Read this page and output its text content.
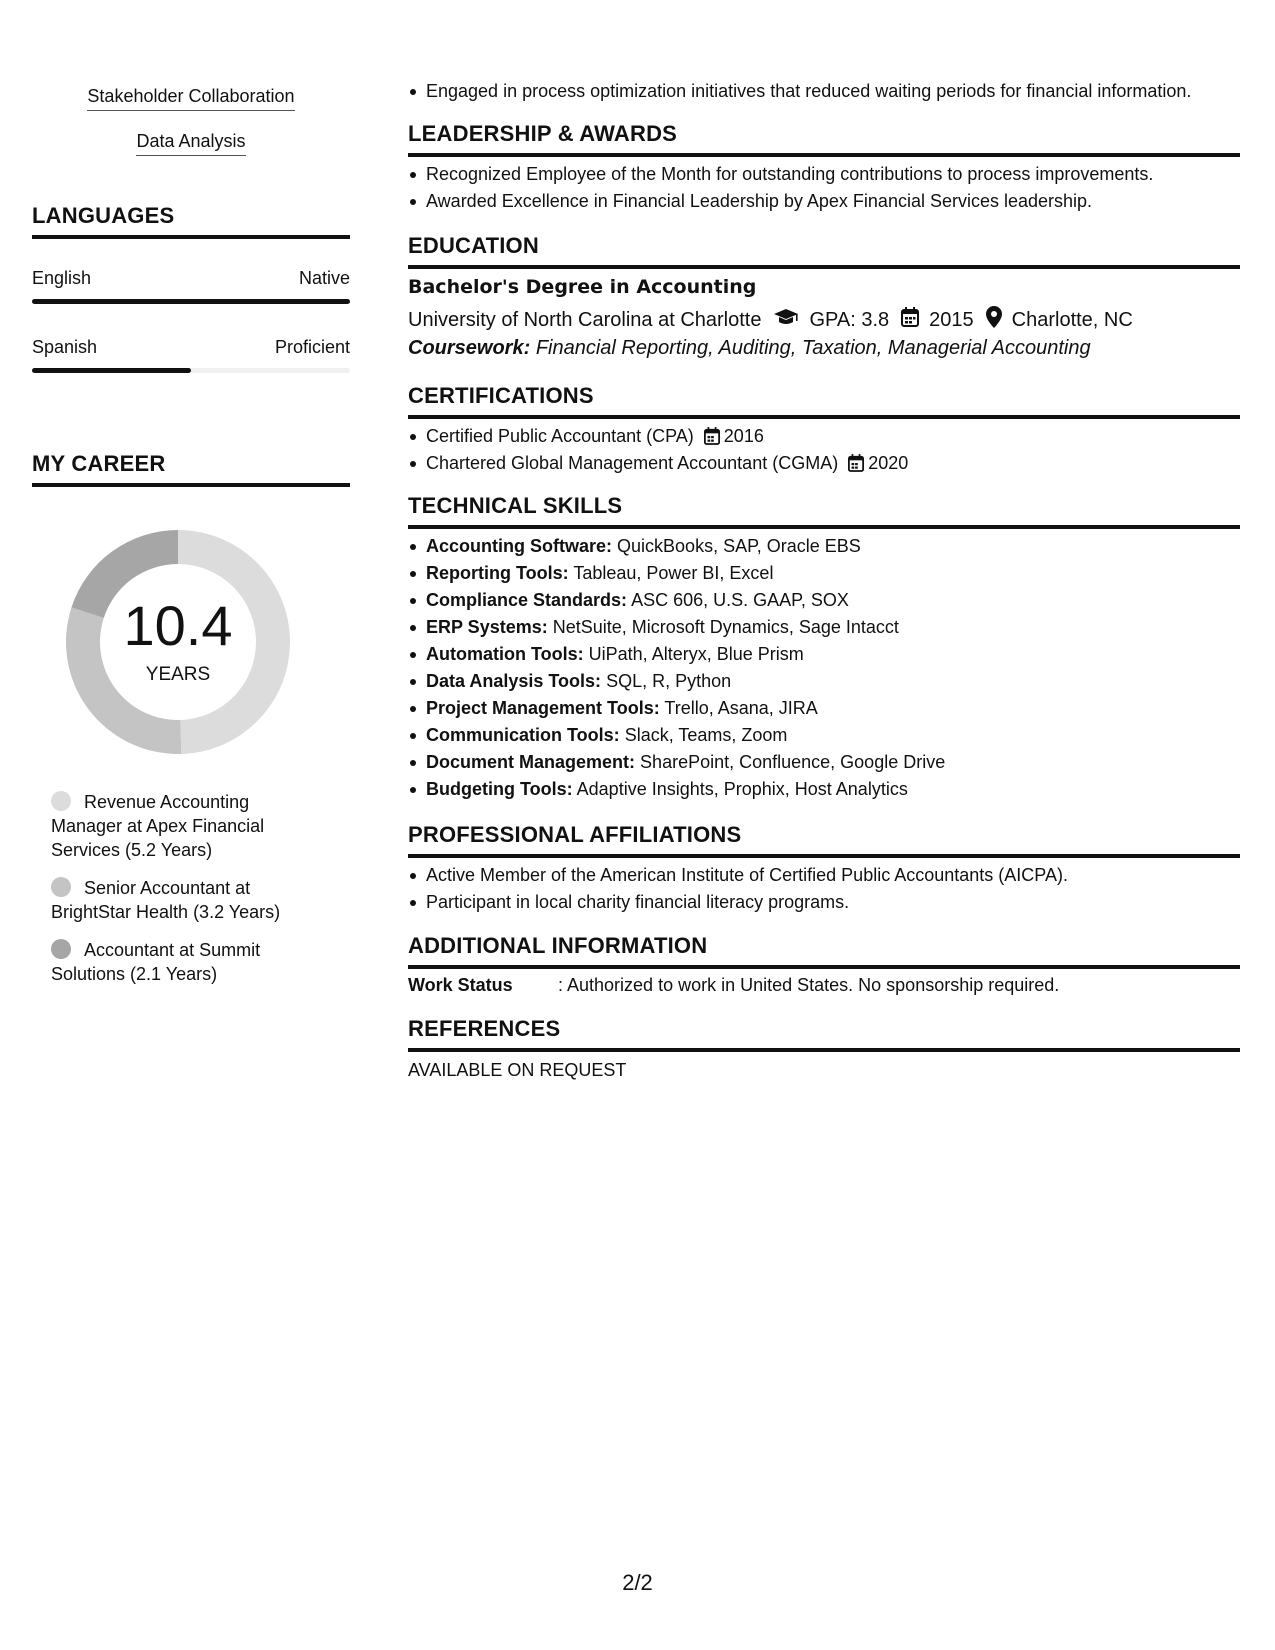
Stakeholder Collaboration
Data Analysis
LANGUAGES
English	Native
Spanish	Proficient
MY CAREER
10.4
YEARS
Revenue Accounting Manager at Apex Financial Services (5.2 Years)
Senior Accountant at BrightStar Health (3.2 Years)
Accountant at Summit Solutions (2.1 Years)
Engaged in process optimization initiatives that reduced waiting periods for financial information.
LEADERSHIP & AWARDS
Recognized Employee of the Month for outstanding contributions to process improvements.
Awarded Excellence in Financial Leadership by Apex Financial Services leadership.
EDUCATION
Bachelor's Degree in Accounting
University of North Carolina at Charlotte GPA: 3.8 2015 Charlotte, NC
Coursework: Financial Reporting, Auditing, Taxation, Managerial Accounting
CERTIFICATIONS
Certified Public Accountant (CPA) 2016
Chartered Global Management Accountant (CGMA) 2020
TECHNICAL SKILLS
Accounting Software: QuickBooks, SAP, Oracle EBS
Reporting Tools: Tableau, Power BI, Excel
Compliance Standards: ASC 606, U.S. GAAP, SOX
ERP Systems: NetSuite, Microsoft Dynamics, Sage Intacct
Automation Tools: UiPath, Alteryx, Blue Prism
Data Analysis Tools: SQL, R, Python
Project Management Tools: Trello, Asana, JIRA
Communication Tools: Slack, Teams, Zoom
Document Management: SharePoint, Confluence, Google Drive
Budgeting Tools: Adaptive Insights, Prophix, Host Analytics
PROFESSIONAL AFFILIATIONS
Active Member of the American Institute of Certified Public Accountants (AICPA).
Participant in local charity financial literacy programs.
ADDITIONAL INFORMATION
Work Status	: Authorized to work in United States. No sponsorship required.
REFERENCES
AVAILABLE ON REQUEST
2/2
